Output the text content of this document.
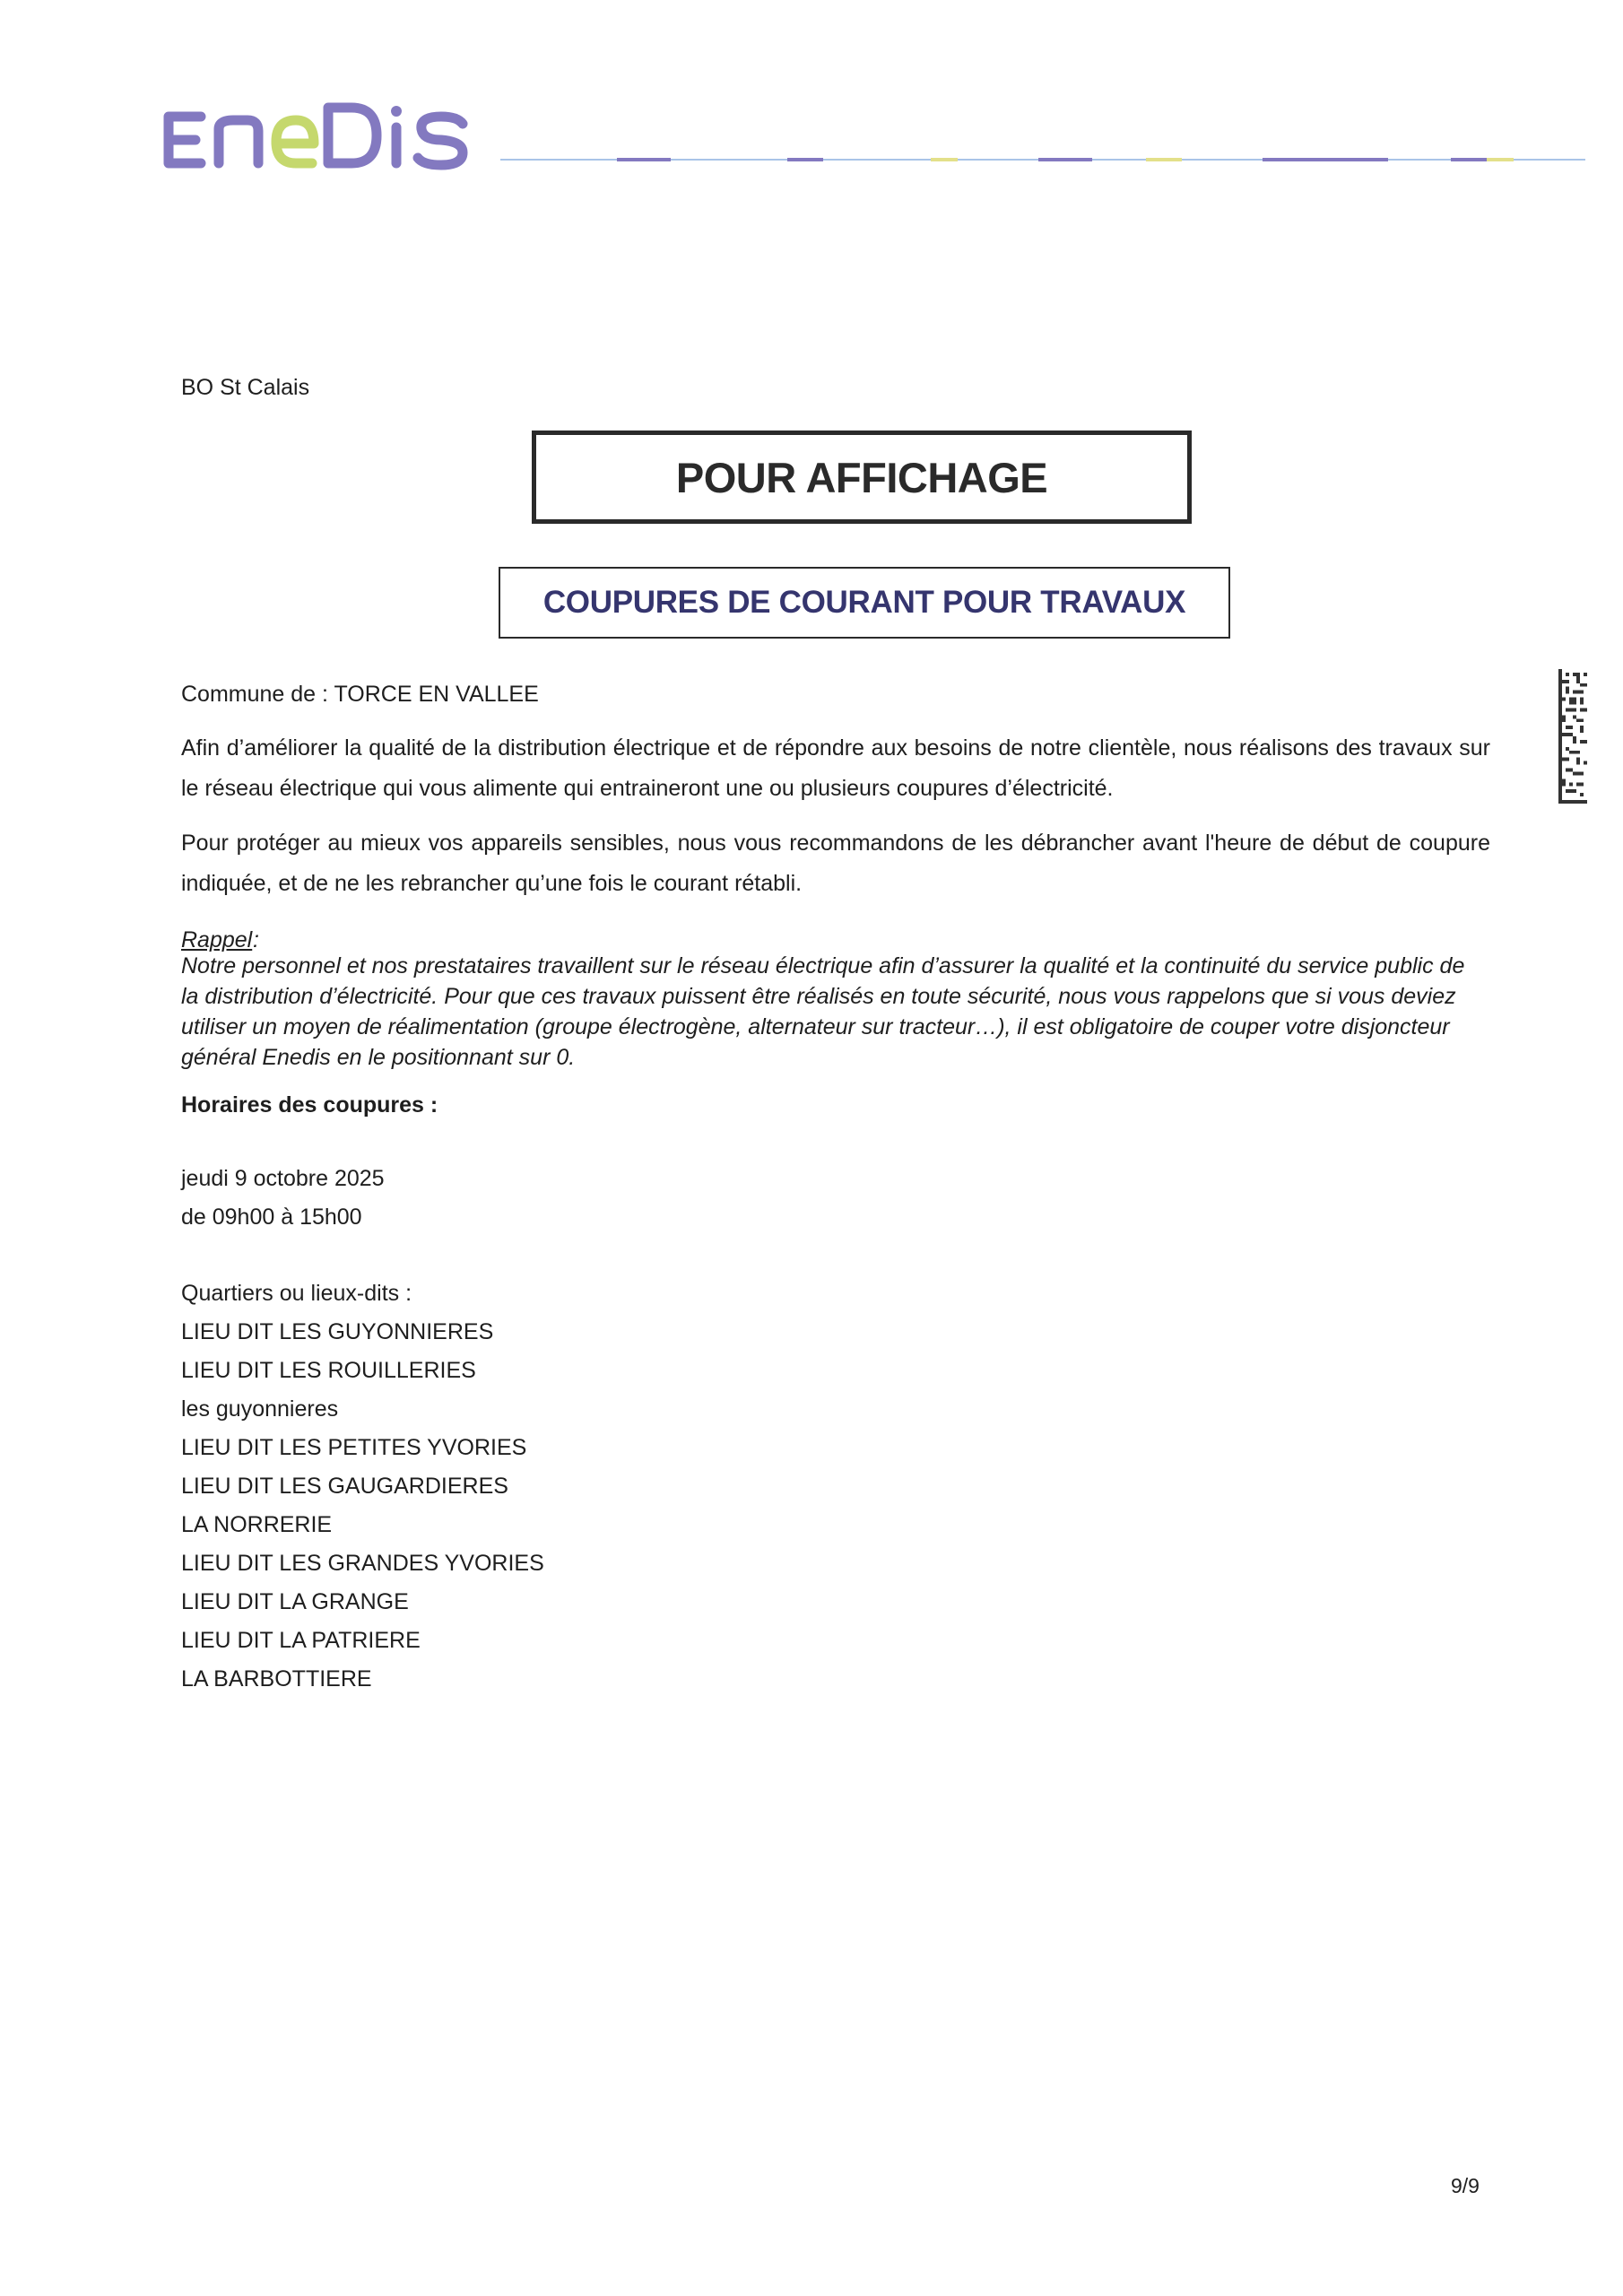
BO St Calais
POUR AFFICHAGE
COUPURES DE COURANT POUR TRAVAUX
Commune de : TORCE EN VALLEE
Afin d’améliorer la qualité de la distribution électrique et de répondre aux besoins de notre clientèle, nous réalisons des travaux sur le réseau électrique qui vous alimente qui entraineront une ou plusieurs coupures d’électricité.
Pour protéger au mieux vos appareils sensibles, nous vous recommandons de les débrancher avant l'heure de début de coupure indiquée, et de ne les rebrancher qu’une fois le courant rétabli.
Rappel :
Notre personnel et nos prestataires travaillent sur le réseau électrique afin d’assurer la qualité et la continuité du service public de la distribution d’électricité. Pour que ces travaux puissent être réalisés en toute sécurité, nous vous rappelons que si vous deviez utiliser un moyen de réalimentation (groupe électrogène, alternateur sur tracteur…), il est obligatoire de couper votre disjoncteur général Enedis en le positionnant sur 0.
Horaires des coupures :
jeudi 9 octobre 2025
de 09h00 à 15h00
Quartiers ou lieux-dits :
LIEU DIT LES GUYONNIERES
LIEU DIT LES ROUILLERIES
les guyonnieres
LIEU DIT LES PETITES YVORIES
LIEU DIT LES GAUGARDIERES
LA NORRERIE
LIEU DIT LES GRANDES YVORIES
LIEU DIT LA GRANGE
LIEU DIT LA PATRIERE
LA BARBOTTIERE
9/9
